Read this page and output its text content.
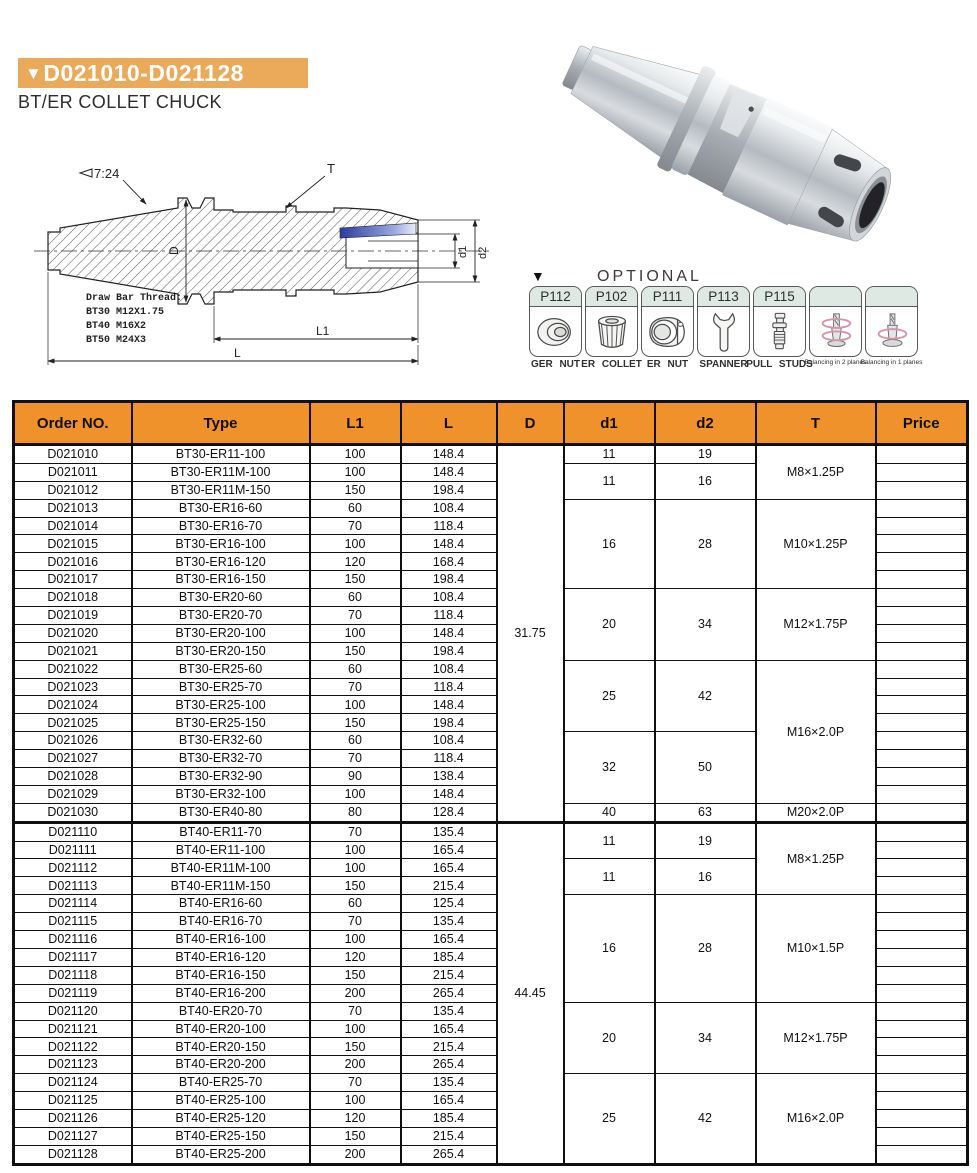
▼D021010-D021128
BT/ER COLLET CHUCK
7:24	T
D	d1 d2
L1
L
Draw Bar Thread:
BT30 M12X1.75
BT40 M16X2
BT50 M24X3
▼	OPTIONAL
P112
GER NUT
P102
ER COLLET
P111
ER NUT
P113
SPANNER
P115
PULL STUDS
Balancing in 2 planes
Balancing in 1 planes
Order NO.	Type	L1	L	D	d1	d2	T	Price
D021010	BT30-ER11-100	100	148.4	31.75	11	19	M8×1.25P	
D021011	BT30-ER11M-100	100	148.4		11	16		
D021012	BT30-ER11M-150	150	198.4					
D021013	BT30-ER16-60	60	108.4		16	28	M10×1.25P	
D021014	BT30-ER16-70	70	118.4					
D021015	BT30-ER16-100	100	148.4					
D021016	BT30-ER16-120	120	168.4					
D021017	BT30-ER16-150	150	198.4					
D021018	BT30-ER20-60	60	108.4		20	34	M12×1.75P	
D021019	BT30-ER20-70	70	118.4					
D021020	BT30-ER20-100	100	148.4					
D021021	BT30-ER20-150	150	198.4					
D021022	BT30-ER25-60	60	108.4		25	42	M16×2.0P	
D021023	BT30-ER25-70	70	118.4					
D021024	BT30-ER25-100	100	148.4					
D021025	BT30-ER25-150	150	198.4					
D021026	BT30-ER32-60	60	108.4		32	50		
D021027	BT30-ER32-70	70	118.4					
D021028	BT30-ER32-90	90	138.4					
D021029	BT30-ER32-100	100	148.4					
D021030	BT30-ER40-80	80	128.4		40	63	M20×2.0P	
D021110	BT40-ER11-70	70	135.4	44.45	11	19	M8×1.25P	
D021111	BT40-ER11-100	100	165.4					
D021112	BT40-ER11M-100	100	165.4		11	16		
D021113	BT40-ER11M-150	150	215.4					
D021114	BT40-ER16-60	60	125.4		16	28	M10×1.5P	
D021115	BT40-ER16-70	70	135.4					
D021116	BT40-ER16-100	100	165.4					
D021117	BT40-ER16-120	120	185.4					
D021118	BT40-ER16-150	150	215.4					
D021119	BT40-ER16-200	200	265.4					
D021120	BT40-ER20-70	70	135.4		20	34	M12×1.75P	
D021121	BT40-ER20-100	100	165.4					
D021122	BT40-ER20-150	150	215.4					
D021123	BT40-ER20-200	200	265.4					
D021124	BT40-ER25-70	70	135.4		25	42	M16×2.0P	
D021125	BT40-ER25-100	100	165.4					
D021126	BT40-ER25-120	120	185.4					
D021127	BT40-ER25-150	150	215.4					
D021128	BT40-ER25-200	200	265.4					
